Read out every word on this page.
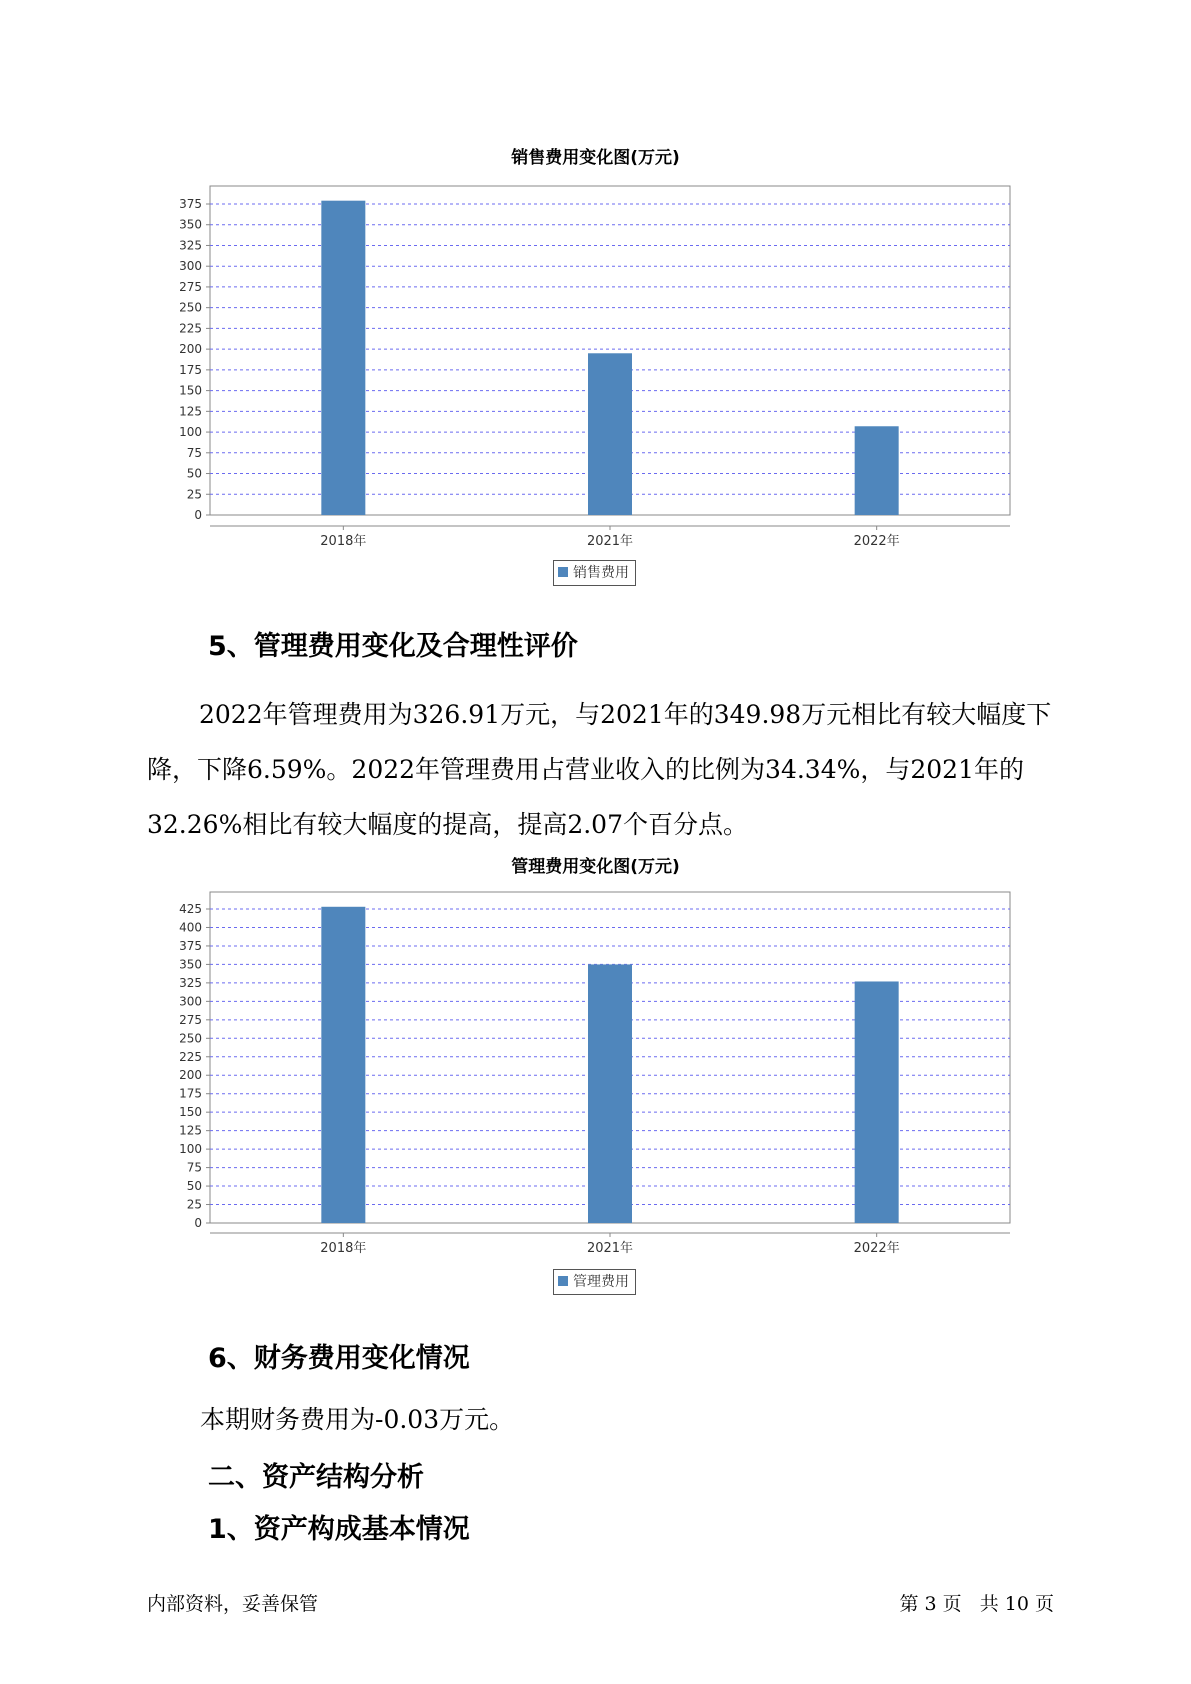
销售费用变化图(万元)
0
25
50
75
100
125
150
175
200
225
250
275
300
325
350
375
2018年	2021年	2022年
销售费用
5、管理费用变化及合理性评价

2022年管理费用为326.91万元，与2021年的349.98万元相比有较大幅度下降，下降6.59%。2022年管理费用占营业收入的比例为34.34%，与2021年的32.26%相比有较大幅度的提高，提高2.07个百分点。

管理费用变化图(万元)
0
25
50
75
100
125
150
175
200
225
250
275
300
325
350
375
400
425
2018年	2021年	2022年
管理费用
6、财务费用变化情况
本期财务费用为-0.03万元。
二、资产结构分析
1、资产构成基本情况
内部资料，妥善保管	第 3 页   共 10 页
